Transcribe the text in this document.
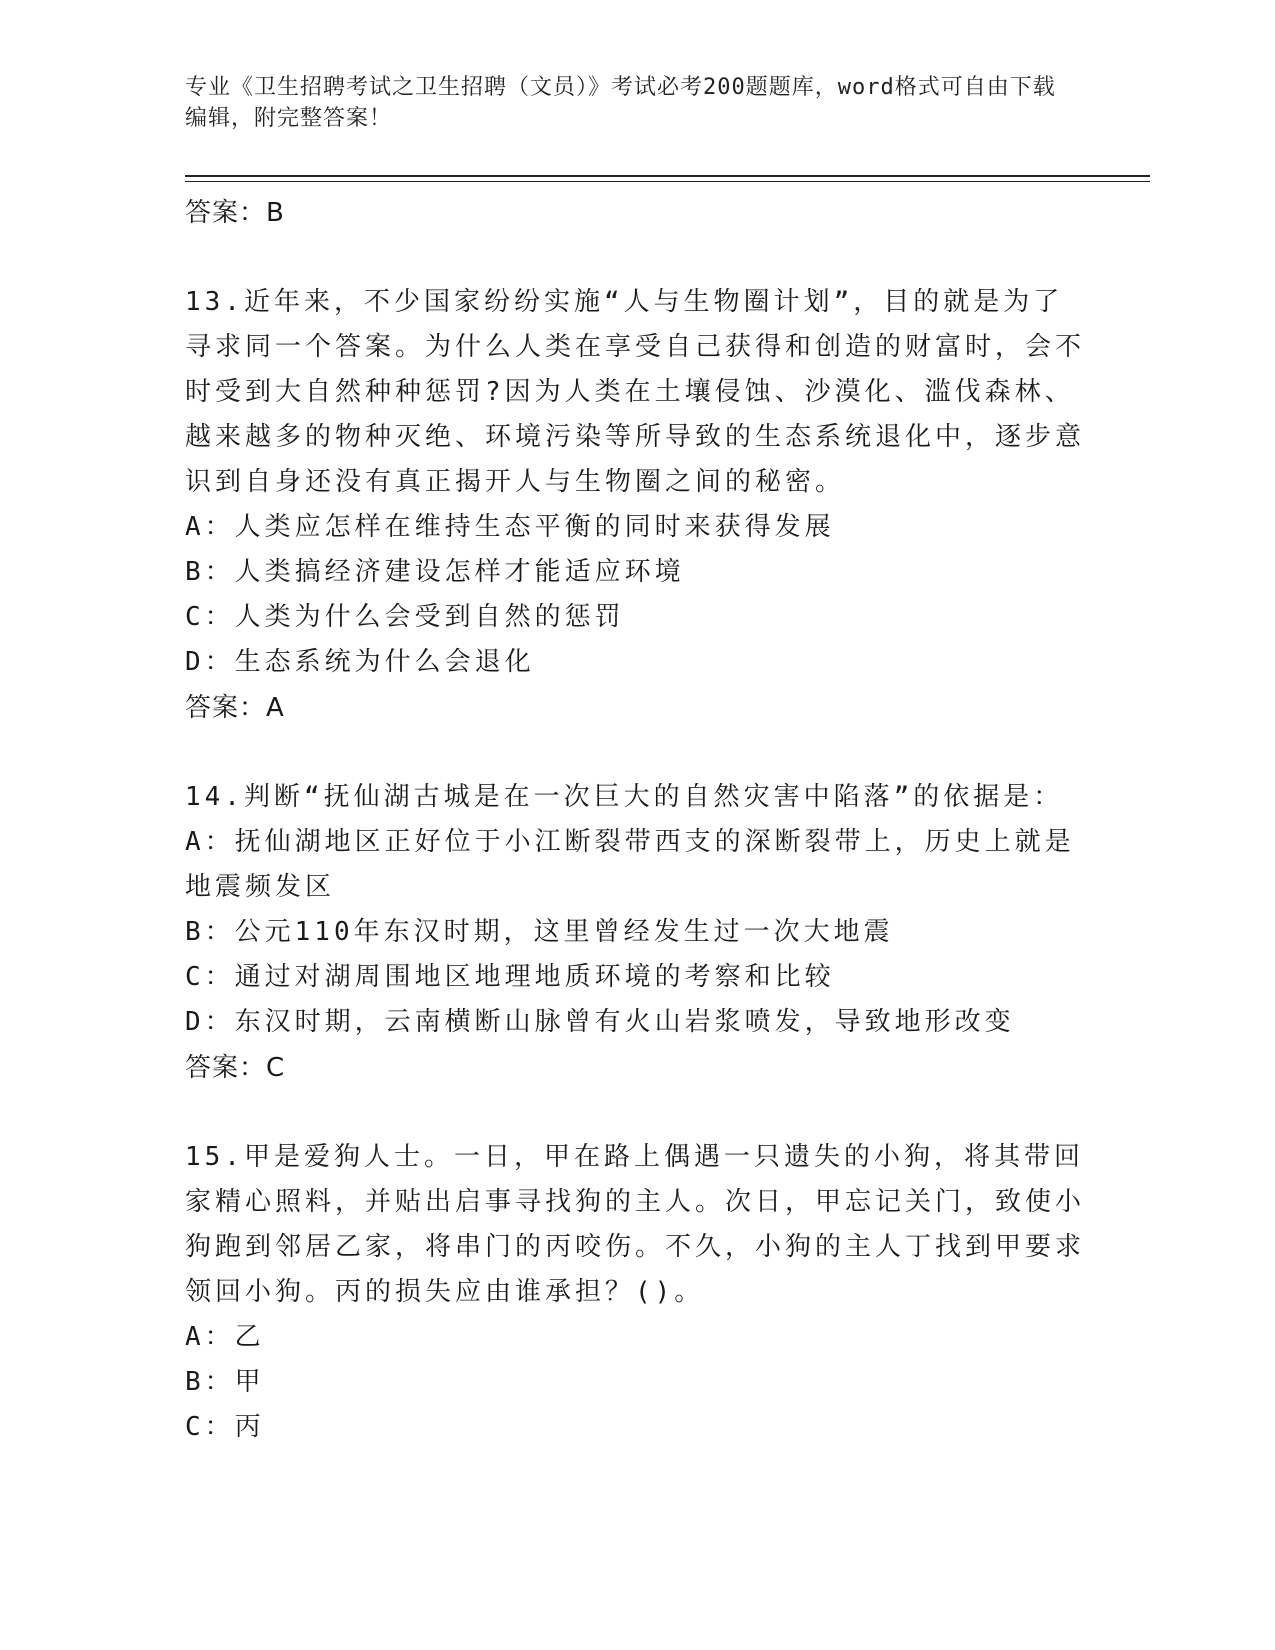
专业《卫生招聘考试之卫生招聘（文员）》考试必考200题题库，word格式可自由下载编辑，附完整答案！
答案：B
13.近年来，不少国家纷纷实施“人与生物圈计划”，目的就是为了寻求同一个答案。为什么人类在享受自己获得和创造的财富时，会不时受到大自然种种惩罚?因为人类在土壤侵蚀、沙漠化、滥伐森林、越来越多的物种灭绝、环境污染等所导致的生态系统退化中，逐步意识到自身还没有真正揭开人与生物圈之间的秘密。
A：人类应怎样在维持生态平衡的同时来获得发展
B：人类搞经济建设怎样才能适应环境
C：人类为什么会受到自然的惩罚
D：生态系统为什么会退化
答案：A
14.判断“抚仙湖古城是在一次巨大的自然灾害中陷落”的依据是：
A：抚仙湖地区正好位于小江断裂带西支的深断裂带上，历史上就是地震频发区
B：公元110年东汉时期，这里曾经发生过一次大地震
C：通过对湖周围地区地理地质环境的考察和比较
D：东汉时期，云南横断山脉曾有火山岩浆喷发，导致地形改变
答案：C
15.甲是爱狗人士。一日，甲在路上偶遇一只遗失的小狗，将其带回家精心照料，并贴出启事寻找狗的主人。次日，甲忘记关门，致使小狗跑到邻居乙家，将串门的丙咬伤。不久，小狗的主人丁找到甲要求领回小狗。丙的损失应由谁承担？()。
A：乙
B：甲
C：丙
